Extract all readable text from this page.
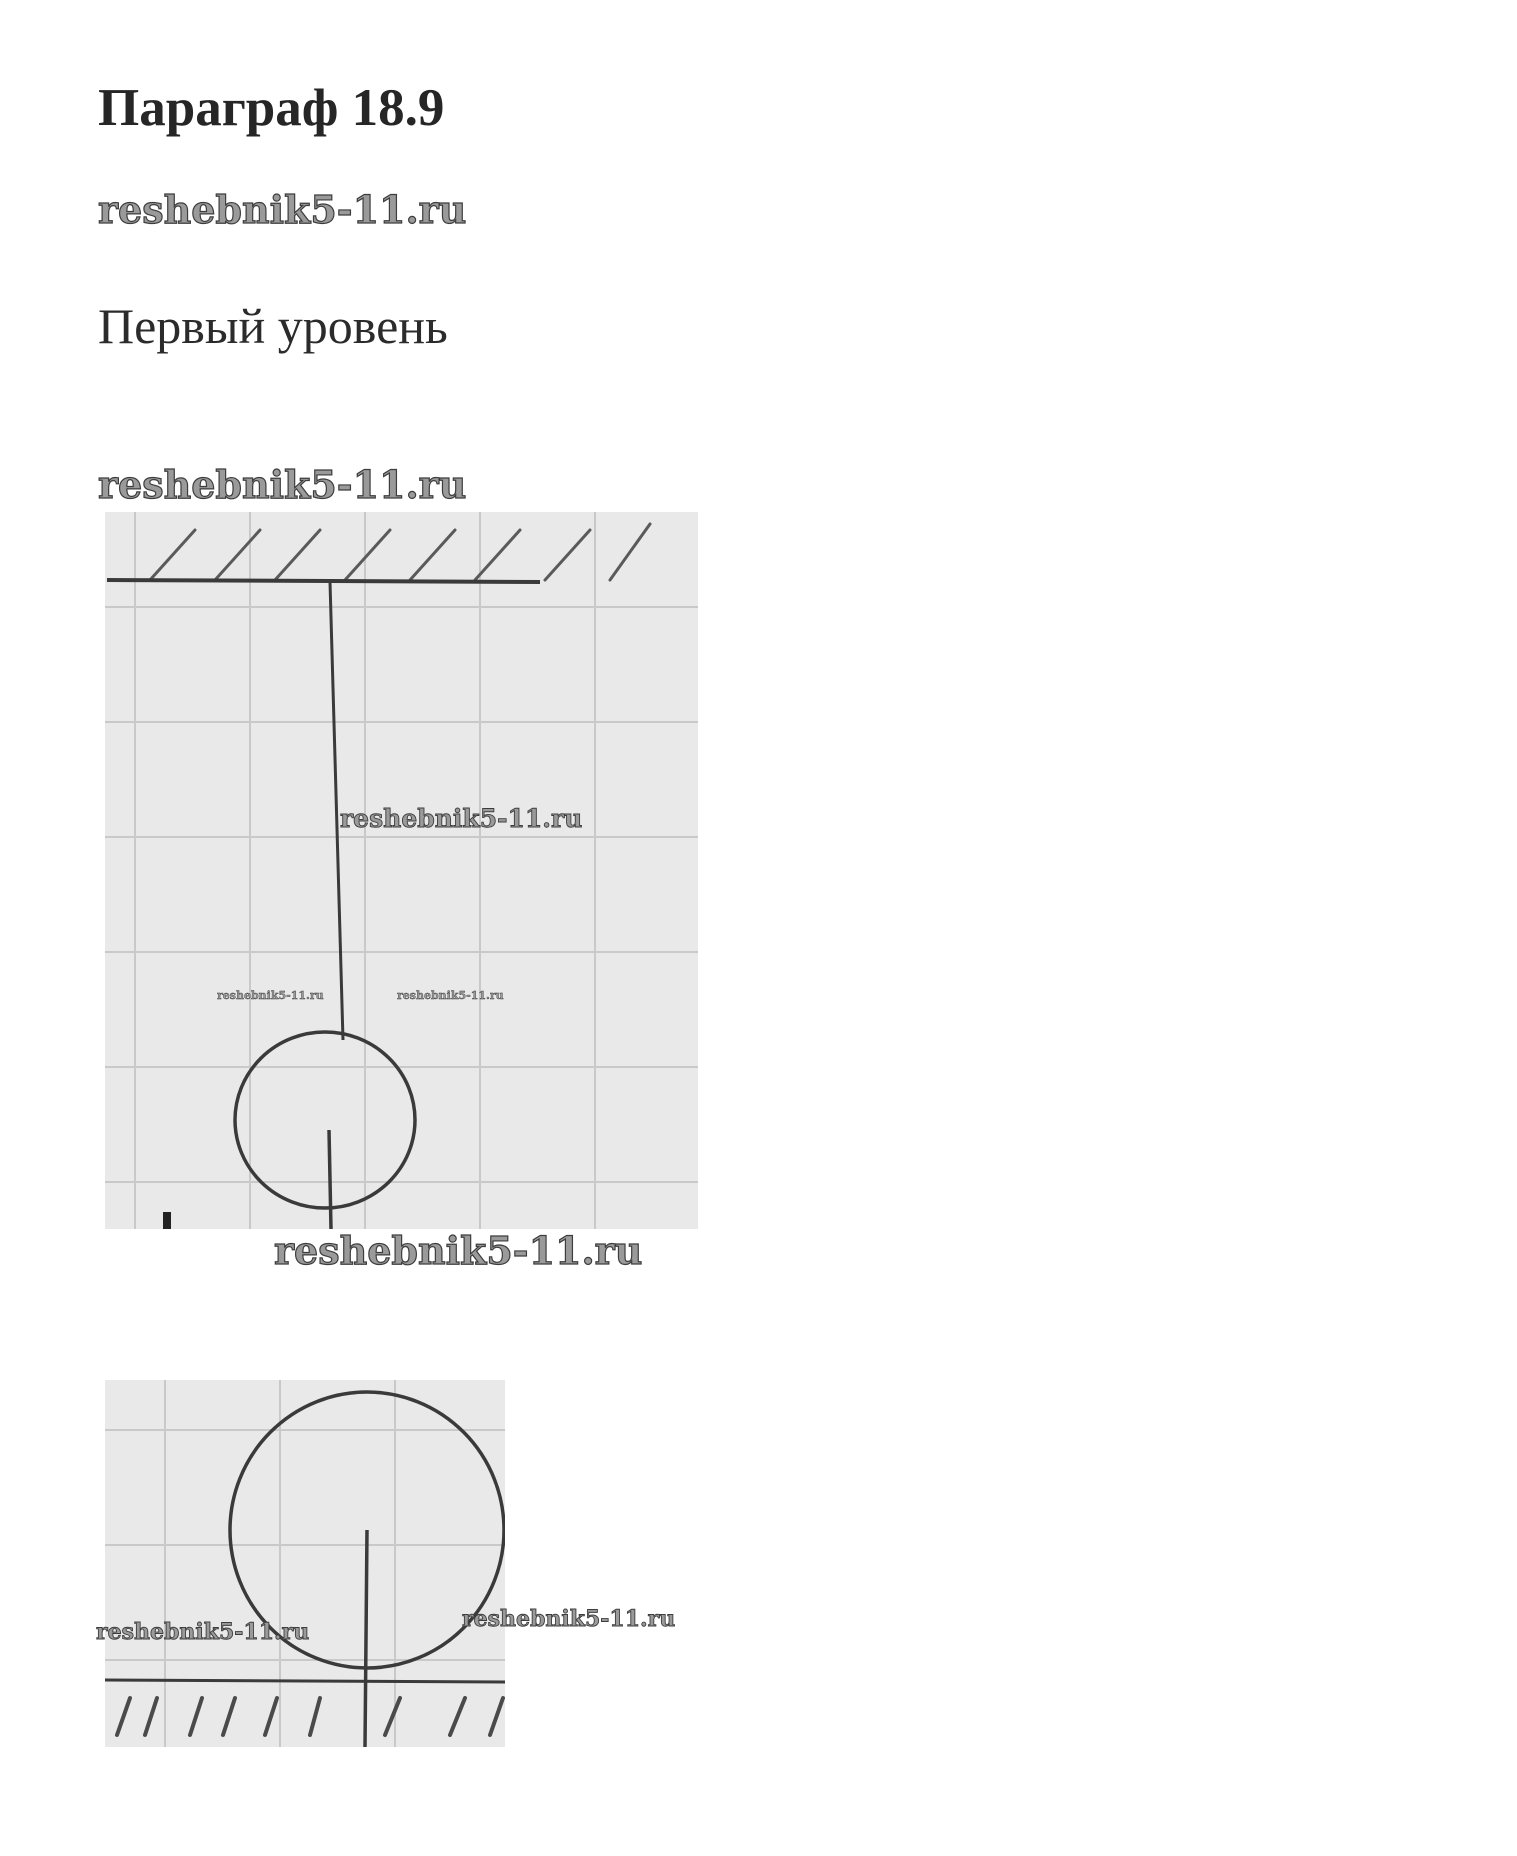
Параграф 18.9
reshebnik5-11.ru
Первый уровень
reshebnik5-11.ru
reshebnik5-11.ru
reshebnik5-11.ru	reshebnik5-11.ru
reshebnik5-11.ru
reshebnik5-11.ru	reshebnik5-11.ru
